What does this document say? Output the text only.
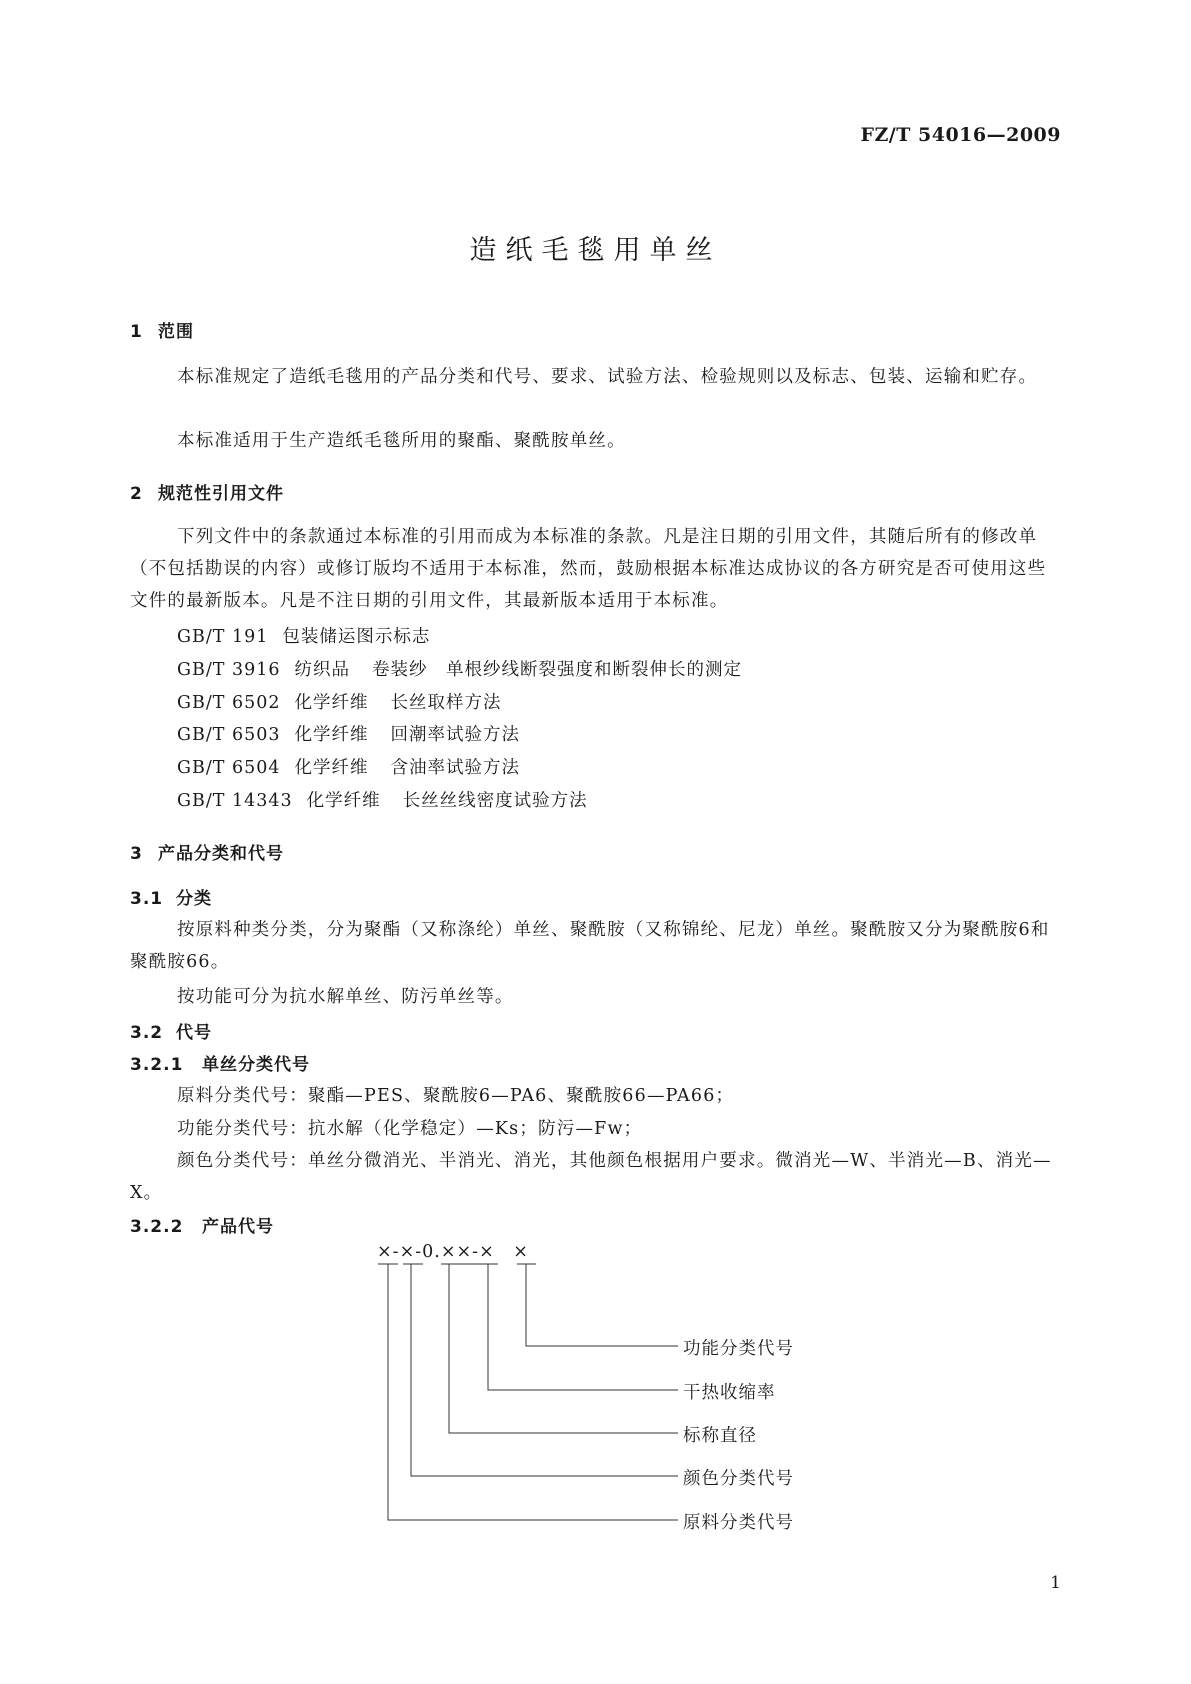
FZ/T 54016—2009
造纸毛毯用单丝
1 范围
本标准规定了造纸毛毯用的产品分类和代号、要求、试验方法、检验规则以及标志、包装、运输和贮存。
本标准适用于生产造纸毛毯所用的聚酯、聚酰胺单丝。
2 规范性引用文件
下列文件中的条款通过本标准的引用而成为本标准的条款。凡是注日期的引用文件，其随后所有的修改单（不包括勘误的内容）或修订版均不适用于本标准，然而，鼓励根据本标准达成协议的各方研究是否可使用这些文件的最新版本。凡是不注日期的引用文件，其最新版本适用于本标准。
GB/T 191 包装储运图示标志
GB/T 3916 纺织品 卷装纱　单根纱线断裂强度和断裂伸长的测定
GB/T 6502 化学纤维 长丝取样方法
GB/T 6503 化学纤维 回潮率试验方法
GB/T 6504 化学纤维 含油率试验方法
GB/T 14343 化学纤维 长丝丝线密度试验方法
3 产品分类和代号
3.1 分类
按原料种类分类，分为聚酯（又称涤纶）单丝、聚酰胺（又称锦纶、尼龙）单丝。聚酰胺又分为聚酰胺6和聚酰胺66。
按功能可分为抗水解单丝、防污单丝等。
3.2 代号
3.2.1 单丝分类代号
原料分类代号：聚酯—PES、聚酰胺6—PA6、聚酰胺66—PA66；
功能分类代号：抗水解（化学稳定）—Ks；防污—Fw；
颜色分类代号：单丝分微消光、半消光、消光，其他颜色根据用户要求。微消光—W、半消光—B、消光—X。
3.2.2 产品代号
×-×-0.××-×　×
功能分类代号
干热收缩率
标称直径
颜色分类代号
原料分类代号
1
